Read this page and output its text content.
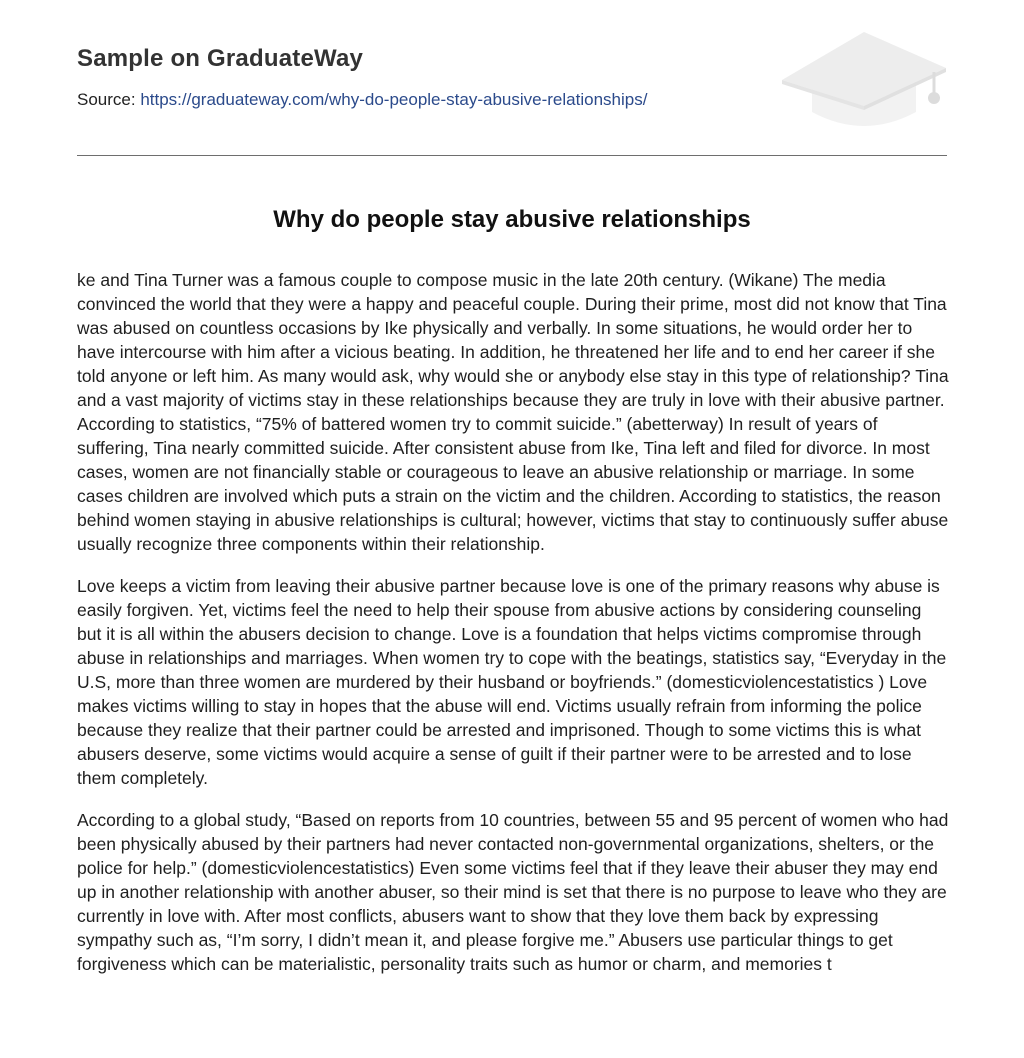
Sample on GraduateWay
Source: https://graduateway.com/why-do-people-stay-abusive-relationships/
Why do people stay abusive relationships

ke and Tina Turner was a famous couple to compose music in the late 20th century. (Wikane) The media convinced the world that they were a happy and peaceful couple. During their prime, most did not know that Tina was abused on countless occasions by Ike physically and verbally. In some situations, he would order her to have intercourse with him after a vicious beating. In addition, he threatened her life and to end her career if she told anyone or left him. As many would ask, why would she or anybody else stay in this type of relationship? Tina and a vast majority of victims stay in these relationships because they are truly in love with their abusive partner. According to statistics, “75% of battered women try to commit suicide.” (abetterway) In result of years of suffering, Tina nearly committed suicide. After consistent abuse from Ike, Tina left and filed for divorce. In most cases, women are not financially stable or courageous to leave an abusive relationship or marriage. In some cases children are involved which puts a strain on the victim and the children. According to statistics, the reason behind women staying in abusive relationships is cultural; however, victims that stay to continuously suffer abuse usually recognize three components within their relationship.

Love keeps a victim from leaving their abusive partner because love is one of the primary reasons why abuse is easily forgiven. Yet, victims feel the need to help their spouse from abusive actions by considering counseling but it is all within the abusers decision to change. Love is a foundation that helps victims compromise through abuse in relationships and marriages. When women try to cope with the beatings, statistics say, “Everyday in the U.S, more than three women are murdered by their husband or boyfriends.” (domesticviolencestatistics ) Love makes victims willing to stay in hopes that the abuse will end. Victims usually refrain from informing the police because they realize that their partner could be arrested and imprisoned. Though to some victims this is what abusers deserve, some victims would acquire a sense of guilt if their partner were to be arrested and to lose them completely.

According to a global study, “Based on reports from 10 countries, between 55 and 95 percent of women who had been physically abused by their partners had never contacted non-governmental organizations, shelters, or the police for help.” (domesticviolencestatistics) Even some victims feel that if they leave their abuser they may end up in another relationship with another abuser, so their mind is set that there is no purpose to leave who they are currently in love with. After most conflicts, abusers want to show that they love them back by expressing sympathy such as, “I’m sorry, I didn’t mean it, and please forgive me.” Abusers use particular things to get forgiveness which can be materialistic, personality traits such as humor or charm, and memories t
